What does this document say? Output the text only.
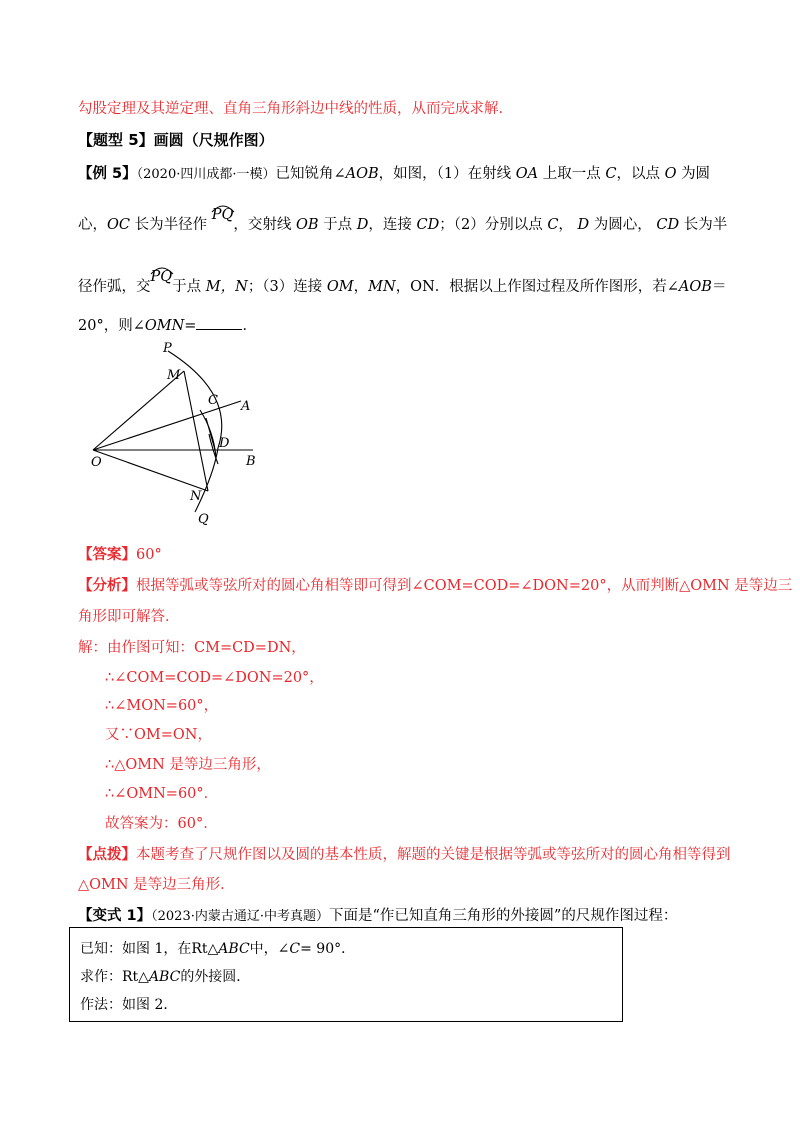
勾股定理及其逆定理、直角三角形斜边中线的性质，从而完成求解．
【题型 5】画圆（尺规作图）
【例 5】（2020·四川成都·一模）已知锐角∠AOB，如图，（1）在射线 OA 上取一点 C，以点 O 为圆
心，OC 长为半径作
PQ，交射线 OB 于点 D，连接 CD；（2）分别以点 C， D 为圆心， CD 长为半
径作弧，交
PQ于点 M，N；（3）连接 OM，MN，ON．根据以上作图过程及所作图形，若∠AOB＝
20°，则∠OMN=	．
P
M
C A
D
O	B
N
Q
【答案】60°
【分析】根据等弧或等弦所对的圆心角相等即可得到∠COM=COD=∠DON=20°，从而判断△OMN 是等边三
角形即可解答．
解：由作图可知：CM=CD=DN，
∴∠COM=COD=∠DON=20°，
∴∠MON=60°，
又∵OM=ON，
∴△OMN 是等边三角形，
∴∠OMN=60°．
故答案为：60°．
【点拨】本题考查了尺规作图以及圆的基本性质，解题的关键是根据等弧或等弦所对的圆心角相等得到
△OMN 是等边三角形．
【变式 1】（2023·内蒙古通辽·中考真题）下面是“作已知直角三角形的外接圆”的尺规作图过程：
已知：如图 1，在Rt△ABC中，∠C= 90°．
求作：Rt△ABC的外接圆．
作法：如图 2．
